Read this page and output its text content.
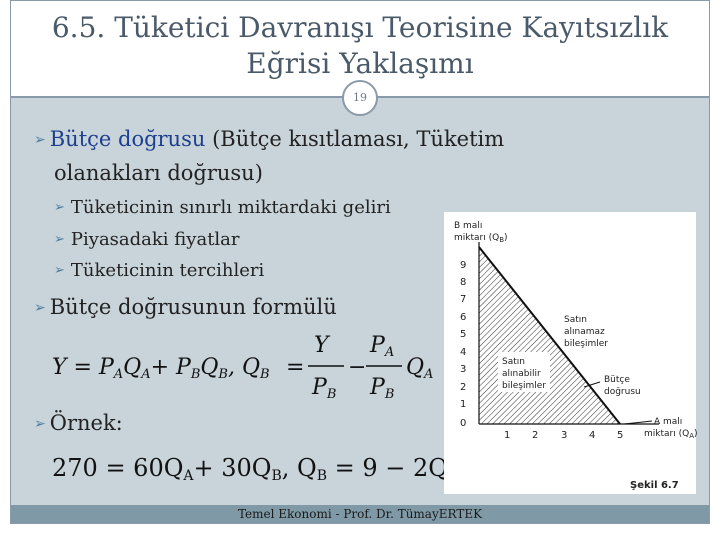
6.5. Tüketici Davranışı Teorisine Kayıtsızlık Eğrisi Yaklaşımı
19
➢ Bütçe doğrusu (Bütçe kısıtlaması, Tüketim
olanakları doğrusu)
➢ Tüketicinin sınırlı miktardaki geliri
➢ Piyasadaki fiyatlar
➢ Tüketicinin tercihleri
➢ Bütçe doğrusunun formülü
Y = PAQA+ PBQB, QB =
Y
PB
−
PA
PB
QA
➢ Örnek:
270 = 60QA+ 30QB, QB = 9 − 2QA
B malı
miktarı $(Q_B)$
9
8
7
6
5
4
3
2
1
0
1 2 3 4 5
Satın
alınamaz
bileşimler
Satın
alınabilir
bileşimler
Bütçe
doğrusu
A malı
miktarı $(Q_A)$
Şekil 6.7
Temel Ekonomi - Prof. Dr. TümayERTEK
